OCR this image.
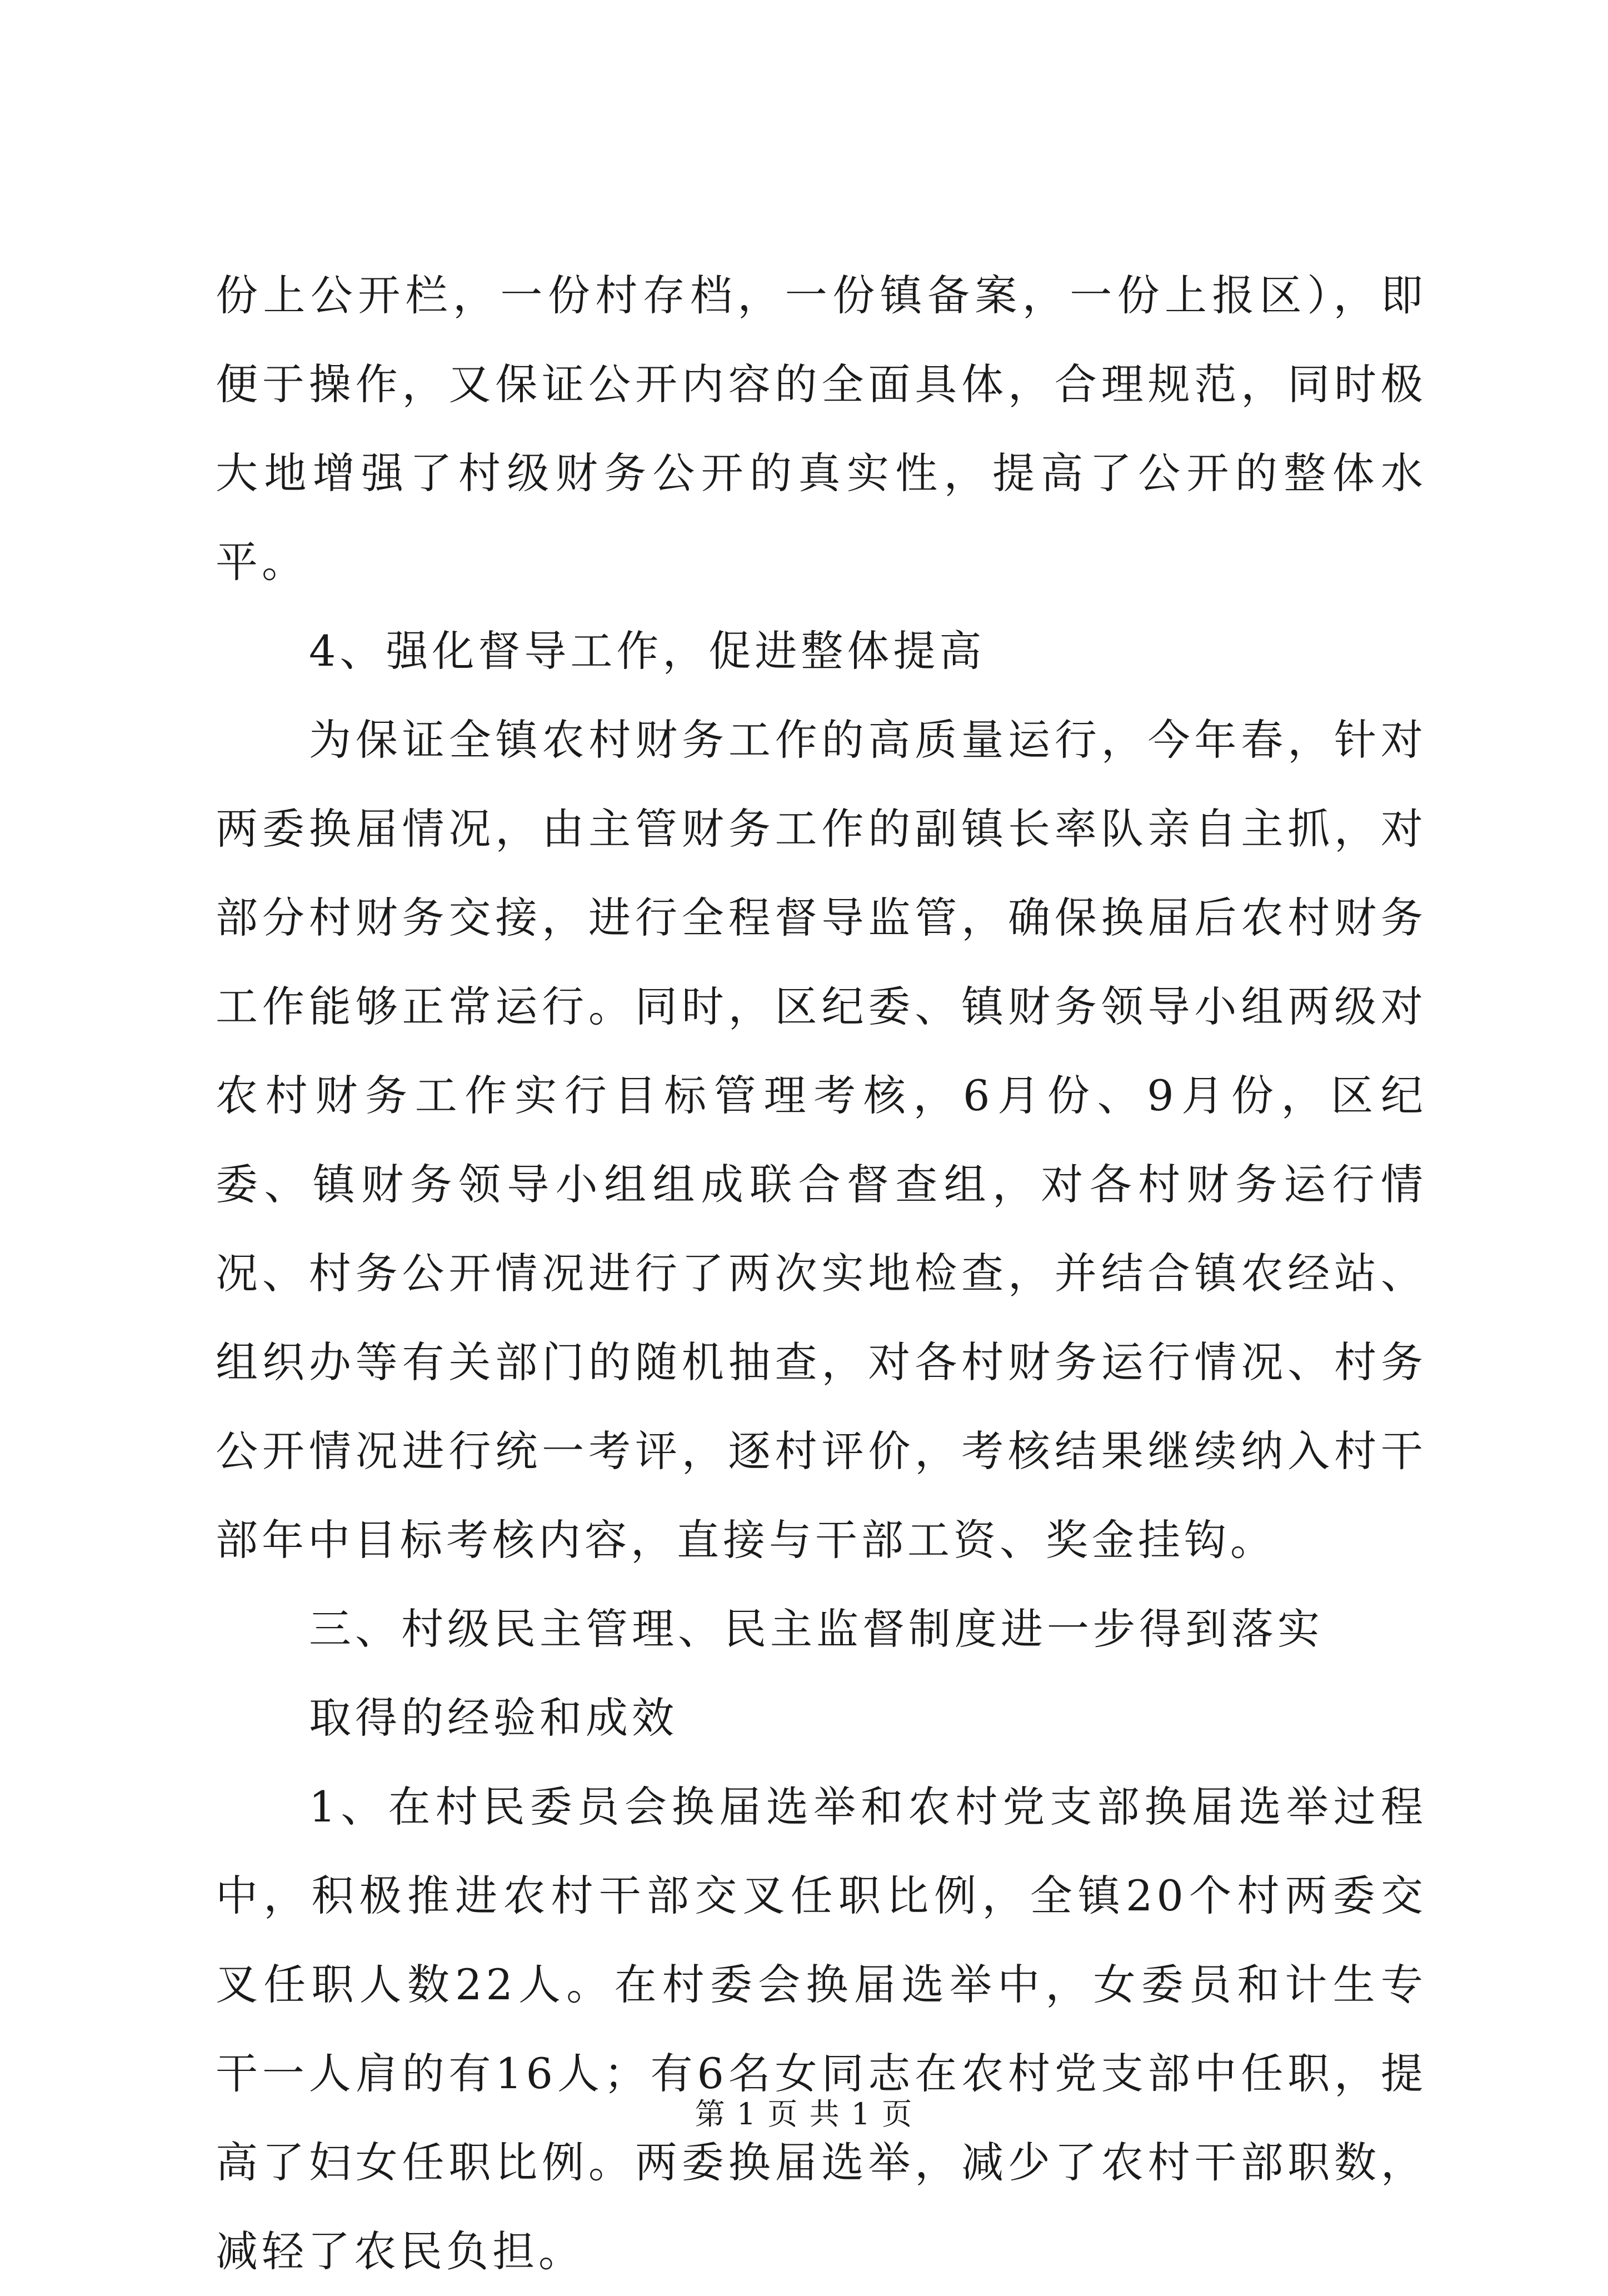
份上公开栏，一份村存档，一份镇备案，一份上报区），即便于操作，又保证公开内容的全面具体，合理规范，同时极大地增强了村级财务公开的真实性，提高了公开的整体水平。

4、强化督导工作，促进整体提高

为保证全镇农村财务工作的高质量运行，今年春，针对两委换届情况，由主管财务工作的副镇长率队亲自主抓，对部分村财务交接，进行全程督导监管，确保换届后农村财务工作能够正常运行。同时，区纪委、镇财务领导小组两级对农村财务工作实行目标管理考核，6月份、9月份，区纪委、镇财务领导小组组成联合督查组，对各村财务运行情况、村务公开情况进行了两次实地检查，并结合镇农经站、组织办等有关部门的随机抽查，对各村财务运行情况、村务公开情况进行统一考评，逐村评价，考核结果继续纳入村干部年中目标考核内容，直接与干部工资、奖金挂钩。

三、村级民主管理、民主监督制度进一步得到落实

取得的经验和成效

1、在村民委员会换届选举和农村党支部换届选举过程中，积极推进农村干部交叉任职比例，全镇20个村两委交叉任职人数22人。在村委会换届选举中，女委员和计生专干一人肩的有16人；有6名女同志在农村党支部中任职，提高了妇女任职比例。两委换届选举，减少了农村干部职数，减轻了农民负担。

第 1 页 共 1 页
